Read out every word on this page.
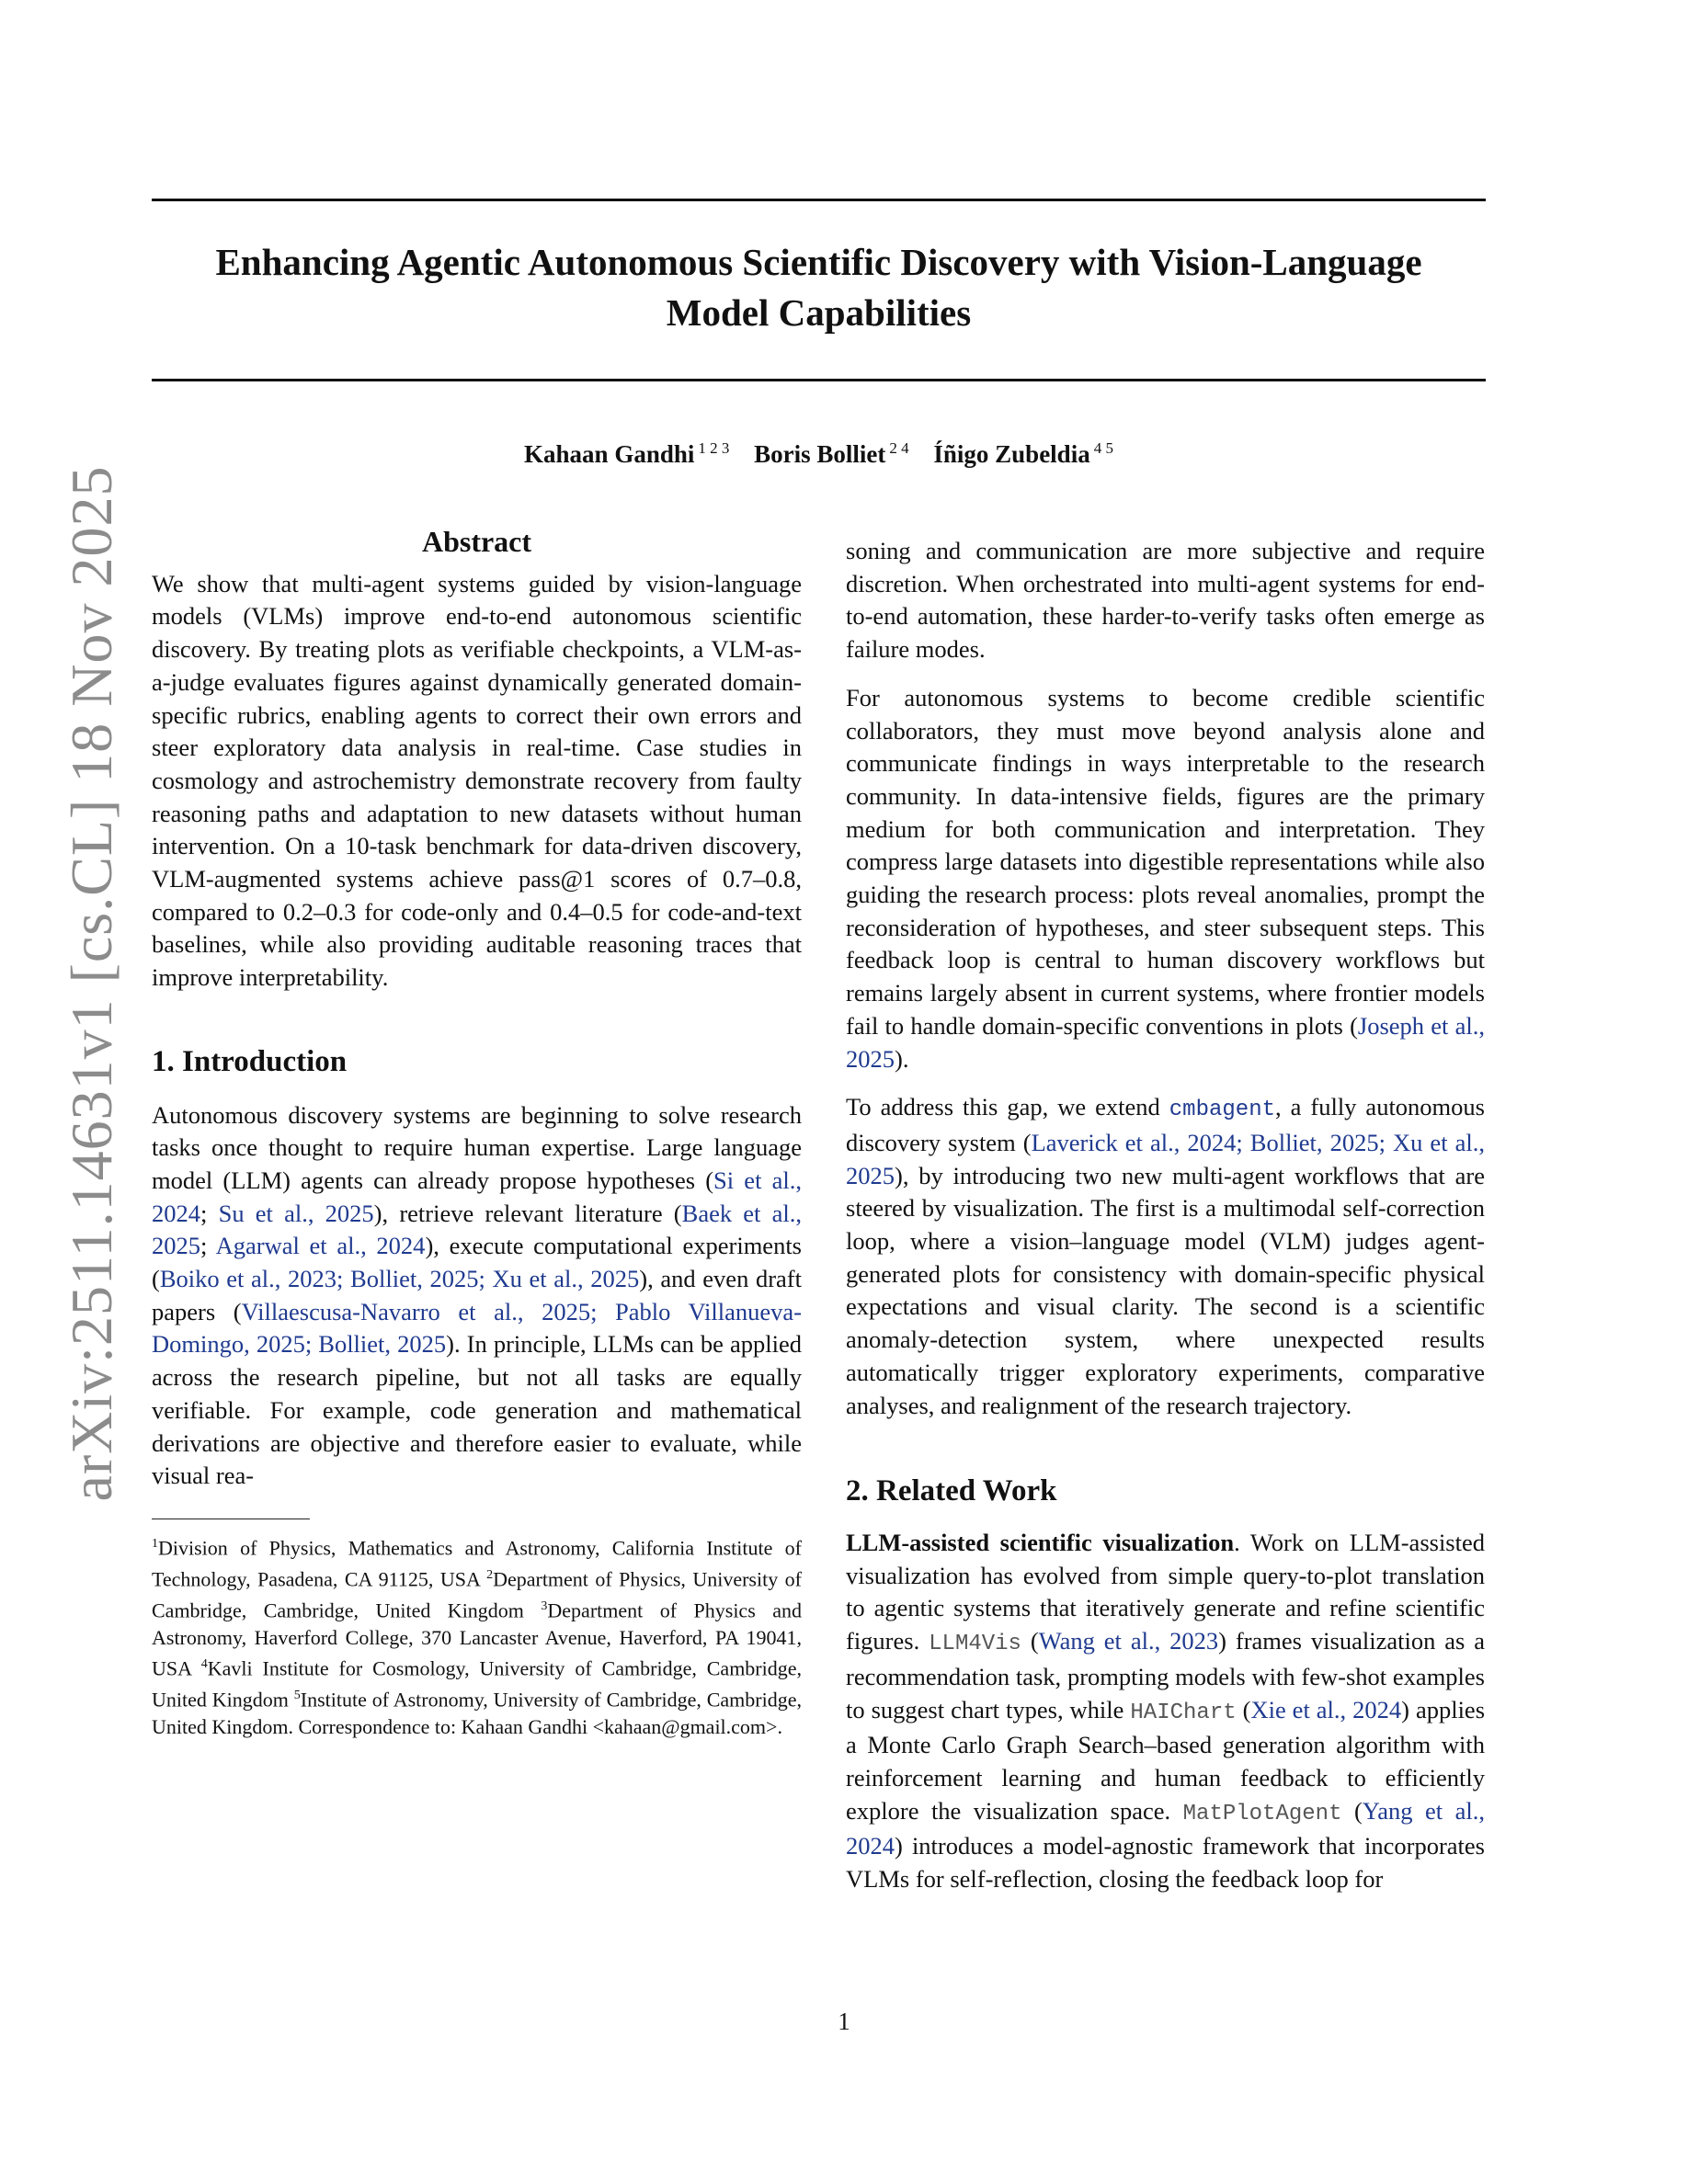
arXiv:2511.14631v1 [cs.CL] 18 Nov 2025
Enhancing Agentic Autonomous Scientific Discovery with Vision-Language
Model Capabilities
Kahaan Gandhi $^{1 2 3}$ Boris Bolliet $^{2 4}$ Íñigo Zubeldia $^{4 5}$
Abstract

We show that multi-agent systems guided by vision-language models (VLMs) improve end-to-end autonomous scientific discovery. By treating plots as verifiable checkpoints, a VLM-as-a-judge evaluates figures against dynamically generated domain-specific rubrics, enabling agents to correct their own errors and steer exploratory data analysis in real-time. Case studies in cosmology and astrochemistry demonstrate recovery from faulty reasoning paths and adaptation to new datasets without human intervention. On a 10-task benchmark for data-driven discovery, VLM-augmented systems achieve pass@1 scores of 0.7–0.8, compared to 0.2–0.3 for code-only and 0.4–0.5 for code-and-text baselines, while also providing auditable reasoning traces that improve interpretability.

1. Introduction

Autonomous discovery systems are beginning to solve research tasks once thought to require human expertise. Large language model (LLM) agents can already propose hypotheses (Si et al., 2024; Su et al., 2025), retrieve relevant literature (Baek et al., 2025; Agarwal et al., 2024), execute computational experiments (Boiko et al., 2023; Bolliet, 2025; Xu et al., 2025), and even draft papers (Villaescusa-Navarro et al., 2025; Pablo Villanueva-Domingo, 2025; Bolliet, 2025). In principle, LLMs can be applied across the research pipeline, but not all tasks are equally verifiable. For example, code generation and mathematical derivations are objective and therefore easier to evaluate, while visual rea-

$^1$Division of Physics, Mathematics and Astronomy, California Institute of Technology, Pasadena, CA 91125, USA $^2$Department of Physics, University of Cambridge, Cambridge, United Kingdom $^3$Department of Physics and Astronomy, Haverford College, 370 Lancaster Avenue, Haverford, PA 19041, USA $^4$Kavli Institute for Cosmology, University of Cambridge, Cambridge, United Kingdom $^5$Institute of Astronomy, University of Cambridge, Cambridge, United Kingdom. Correspondence to: Kahaan Gandhi <kahaan@gmail.com>.

soning and communication are more subjective and require discretion. When orchestrated into multi-agent systems for end-to-end automation, these harder-to-verify tasks often emerge as failure modes.

For autonomous systems to become credible scientific collaborators, they must move beyond analysis alone and communicate findings in ways interpretable to the research community. In data-intensive fields, figures are the primary medium for both communication and interpretation. They compress large datasets into digestible representations while also guiding the research process: plots reveal anomalies, prompt the reconsideration of hypotheses, and steer subsequent steps. This feedback loop is central to human discovery workflows but remains largely absent in current systems, where frontier models fail to handle domain-specific conventions in plots (Joseph et al., 2025).

To address this gap, we extend cmbagent, a fully autonomous discovery system (Laverick et al., 2024; Bolliet, 2025; Xu et al., 2025), by introducing two new multi-agent workflows that are steered by visualization. The first is a multimodal self-correction loop, where a vision–language model (VLM) judges agent-generated plots for consistency with domain-specific physical expectations and visual clarity. The second is a scientific anomaly-detection system, where unexpected results automatically trigger exploratory experiments, comparative analyses, and realignment of the research trajectory.

2. Related Work

LLM-assisted scientific visualization. Work on LLM-assisted visualization has evolved from simple query-to-plot translation to agentic systems that iteratively generate and refine scientific figures. LLM4Vis (Wang et al., 2023) frames visualization as a recommendation task, prompting models with few-shot examples to suggest chart types, while HAIChart (Xie et al., 2024) applies a Monte Carlo Graph Search–based generation algorithm with reinforcement learning and human feedback to efficiently explore the visualization space. MatPlotAgent (Yang et al., 2024) introduces a model-agnostic framework that incorporates VLMs for self-reflection, closing the feedback loop for

1
